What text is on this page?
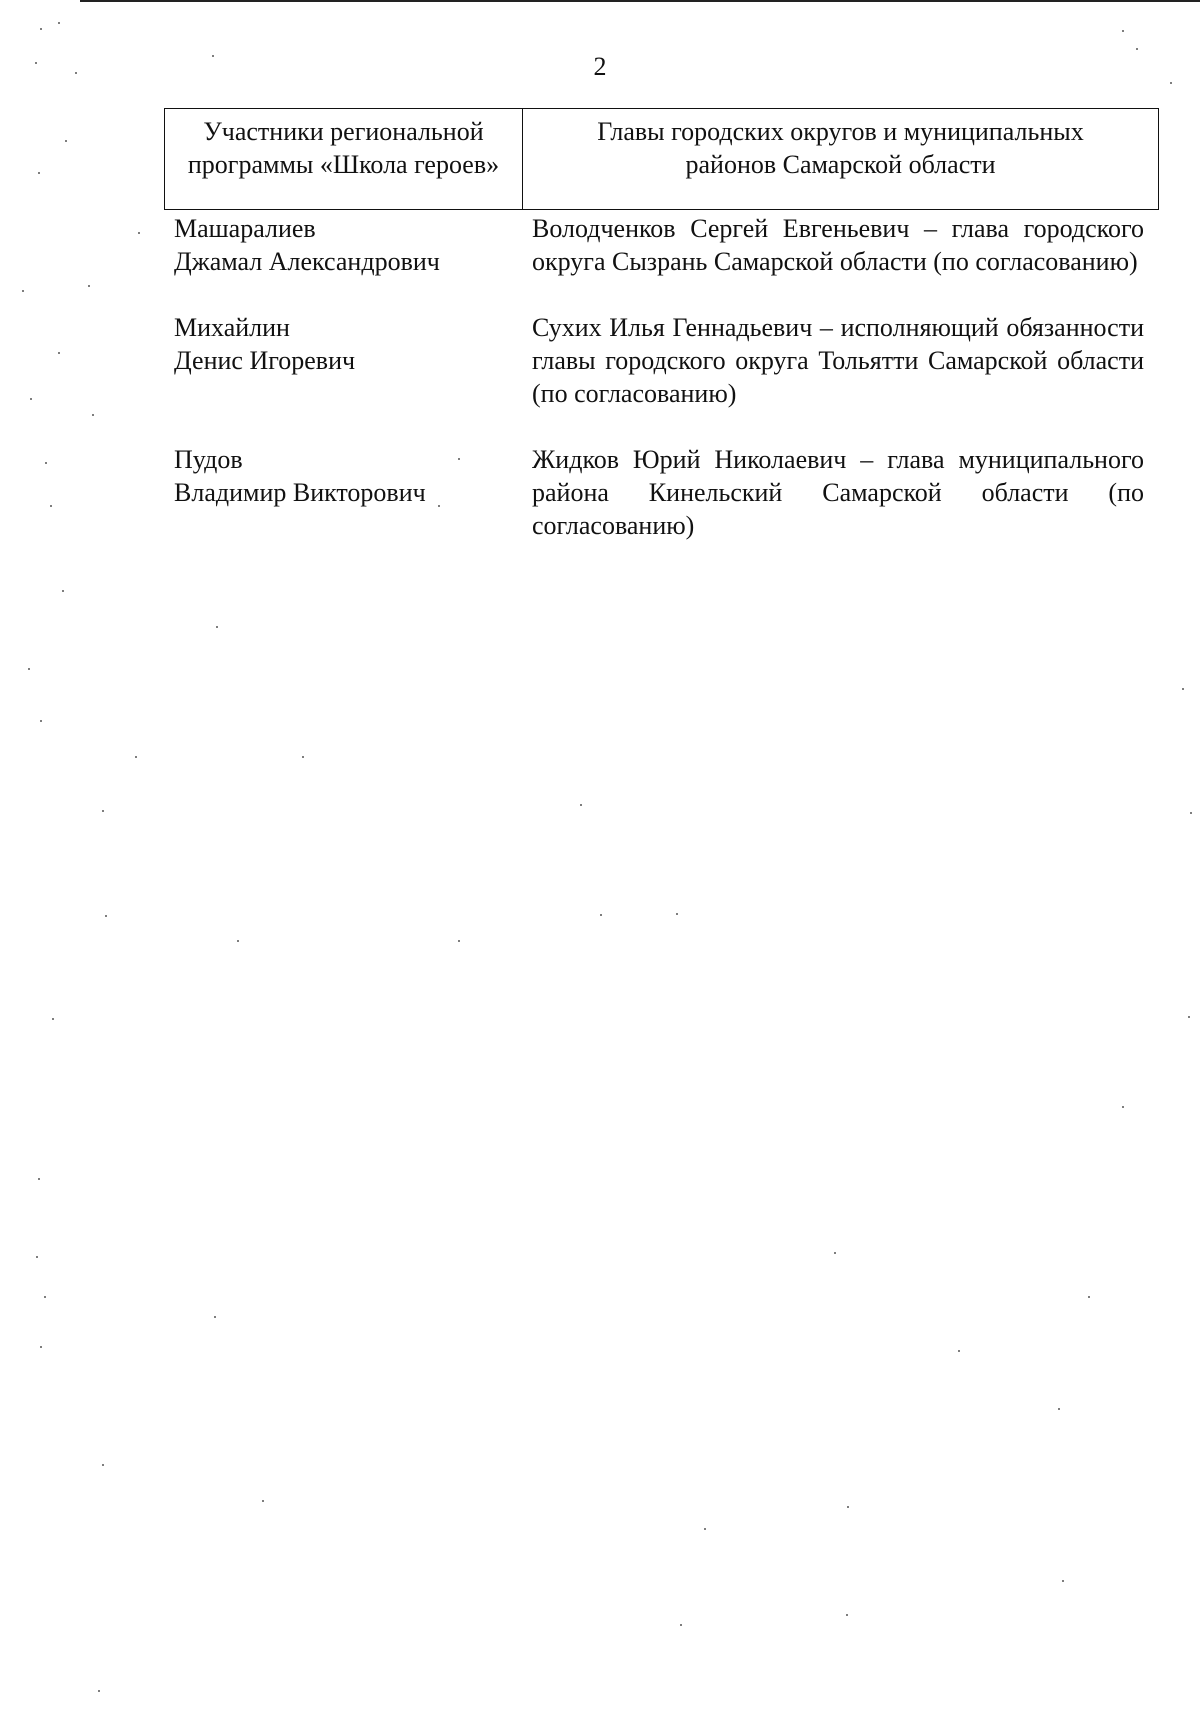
2
Участники региональной программы «Школа героев»
Главы городских округов и муниципальных районов Самарской области
Машаралиев
Джамал Александрович
Володченков Сергей Евгеньевич – глава городского округа Сызрань Самарской области (по согласованию)
Михайлин
Денис Игоревич
Сухих Илья Геннадьевич – исполняющий обязанности главы городского округа Тольятти Самарской области (по согласованию)
Пудов
Владимир Викторович
Жидков Юрий Николаевич – глава муниципального района Кинельский Самарской области (по согласованию)
